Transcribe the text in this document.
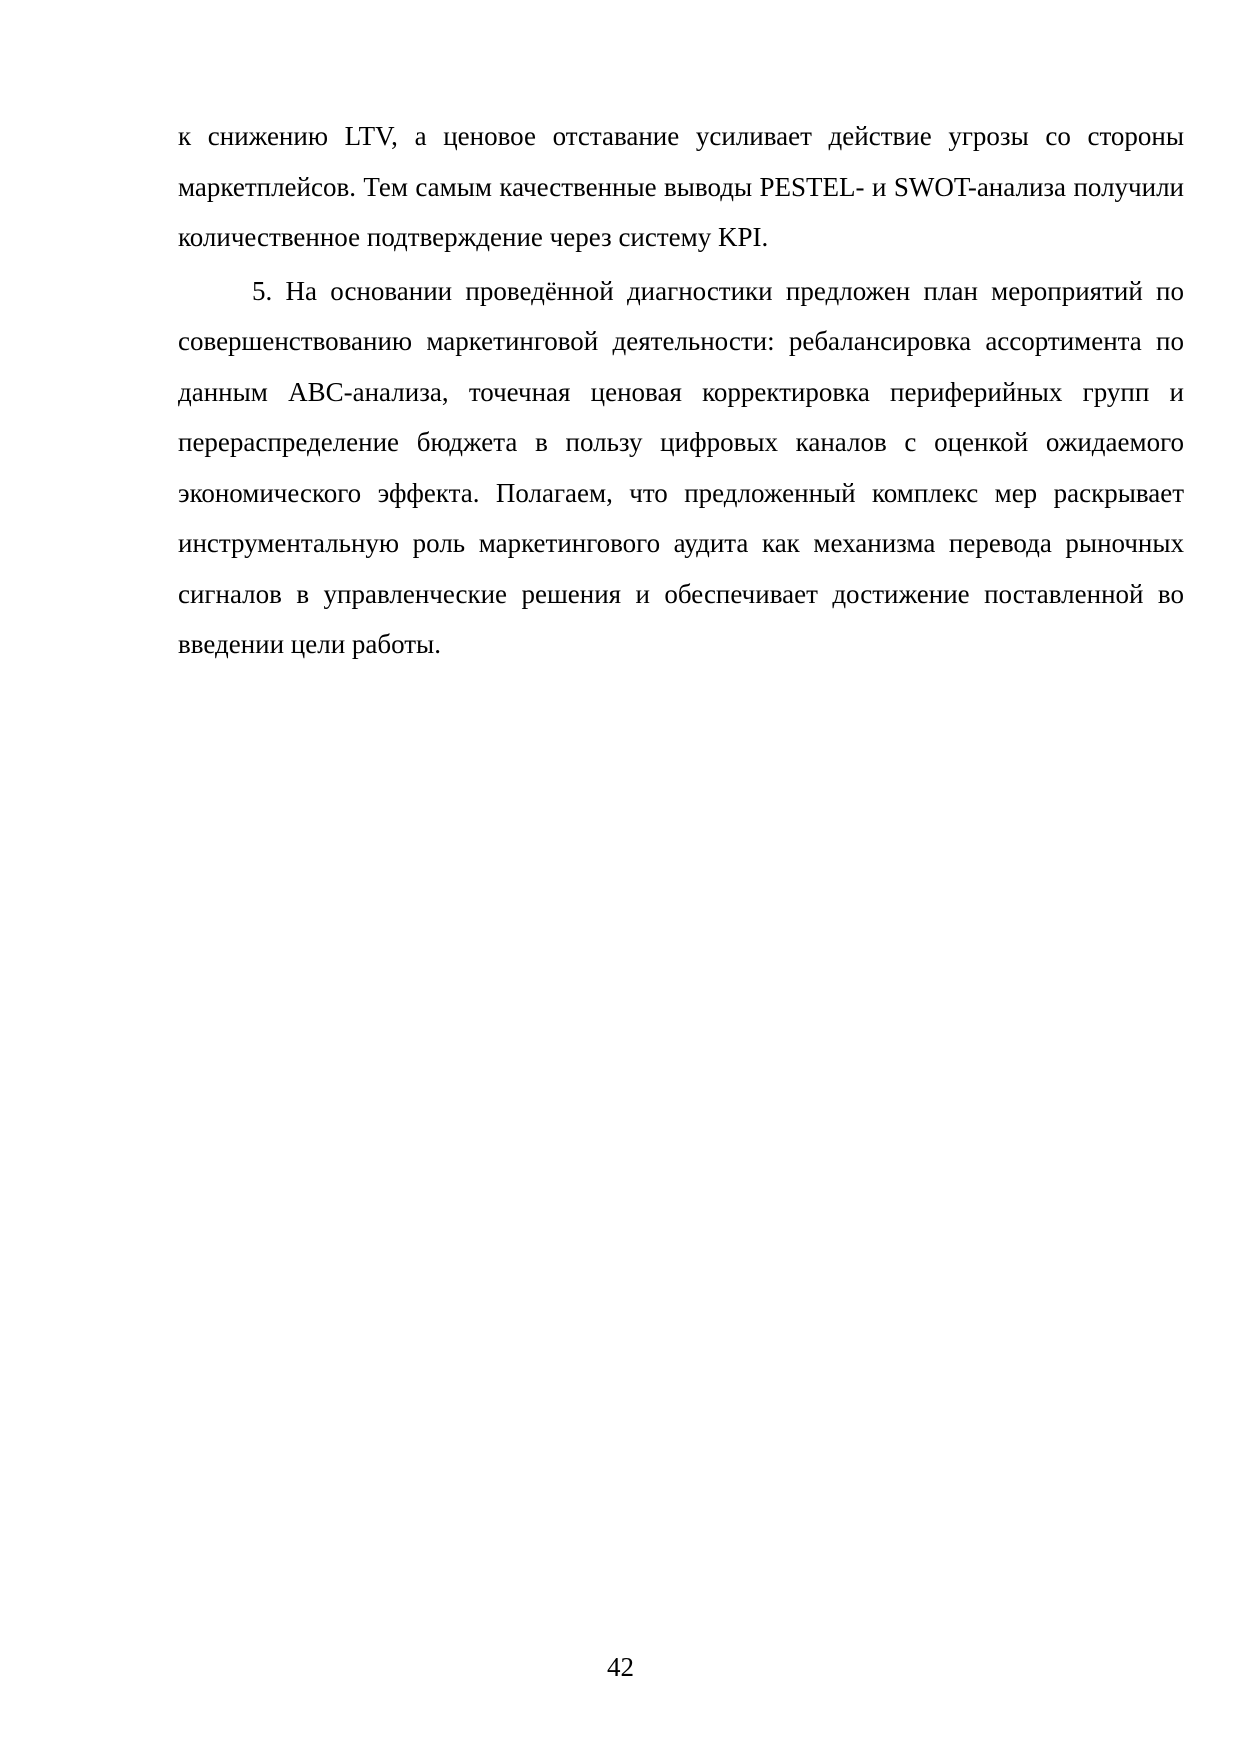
к снижению LTV, а ценовое отставание усиливает действие угрозы со стороны маркетплейсов. Тем самым качественные выводы PESTEL- и SWOT-анализа получили количественное подтверждение через систему KPI.

5. На основании проведённой диагностики предложен план мероприятий по совершенствованию маркетинговой деятельности: ребалансировка ассортимента по данным ABC-анализа, точечная ценовая корректировка периферийных групп и перераспределение бюджета в пользу цифровых каналов с оценкой ожидаемого экономического эффекта. Полагаем, что предложенный комплекс мер раскрывает инструментальную роль маркетингового аудита как механизма перевода рыночных сигналов в управленческие решения и обеспечивает достижение поставленной во введении цели работы.

42
